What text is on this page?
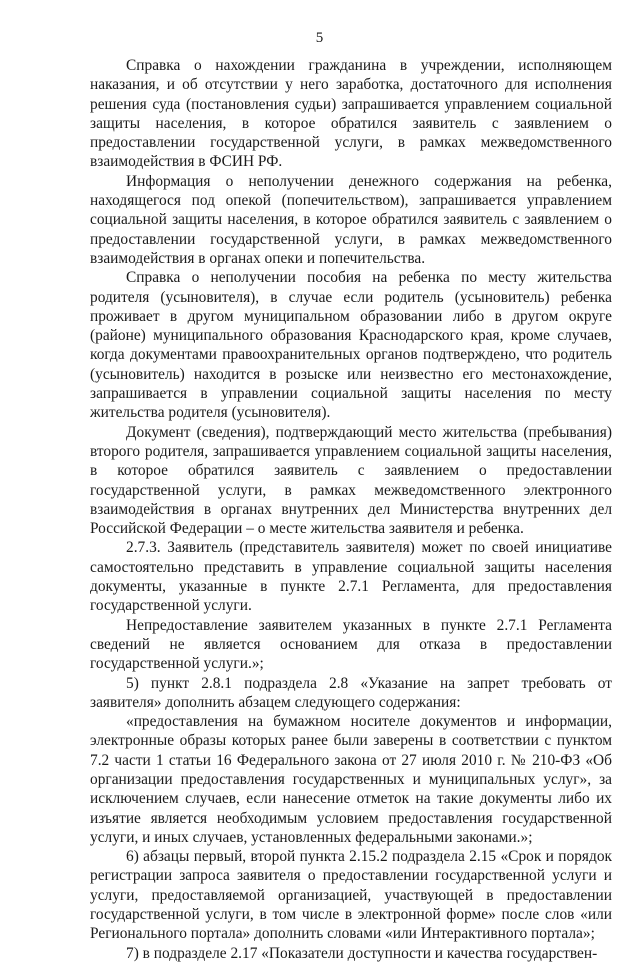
5

Справка о нахождении гражданина в учреждении, исполняющем наказания, и об отсутствии у него заработка, достаточного для исполнения решения суда (постановления судьи) запрашивается управлением социальной защиты населения, в которое обратился заявитель с заявлением о предоставлении государственной услуги, в рамках межведомственного взаимодействия в ФСИН РФ.

Информация о неполучении денежного содержания на ребенка, находящегося под опекой (попечительством), запрашивается управлением социальной защиты населения, в которое обратился заявитель с заявлением о предоставлении государственной услуги, в рамках межведомственного взаимодействия в органах опеки и попечительства.

Справка о неполучении пособия на ребенка по месту жительства родителя (усыновителя), в случае если родитель (усыновитель) ребенка проживает в другом муниципальном образовании либо в другом округе (районе) муниципального образования Краснодарского края, кроме случаев, когда документами правоохранительных органов подтверждено, что родитель (усыновитель) находится в розыске или неизвестно его местонахождение, запрашивается в управлении социальной защиты населения по месту жительства родителя (усыновителя).

Документ (сведения), подтверждающий место жительства (пребывания) второго родителя, запрашивается управлением социальной защиты населения, в которое обратился заявитель с заявлением о предоставлении государственной услуги, в рамках межведомственного электронного взаимодействия в органах внутренних дел Министерства внутренних дел Российской Федерации – о месте жительства заявителя и ребенка.

2.7.3. Заявитель (представитель заявителя) может по своей инициативе самостоятельно представить в управление социальной защиты населения документы, указанные в пункте 2.7.1 Регламента, для предоставления государственной услуги.

Непредоставление заявителем указанных в пункте 2.7.1 Регламента сведений не является основанием для отказа в предоставлении государственной услуги.»;

5) пункт 2.8.1 подраздела 2.8 «Указание на запрет требовать от заявителя» дополнить абзацем следующего содержания:

«предоставления на бумажном носителе документов и информации, электронные образы которых ранее были заверены в соответствии с пунктом 7.2 части 1 статьи 16 Федерального закона от 27 июля 2010 г. № 210-ФЗ «Об организации предоставления государственных и муниципальных услуг», за исключением случаев, если нанесение отметок на такие документы либо их изъятие является необходимым условием предоставления государственной услуги, и иных случаев, установленных федеральными законами.»;

6) абзацы первый, второй пункта 2.15.2 подраздела 2.15 «Срок и порядок регистрации запроса заявителя о предоставлении государственной услуги и услуги, предоставляемой организацией, участвующей в предоставлении государственной услуги, в том числе в электронной форме» после слов «или Регионального портала» дополнить словами «или Интерактивного портала»;

7) в подразделе 2.17 «Показатели доступности и качества государствен-
